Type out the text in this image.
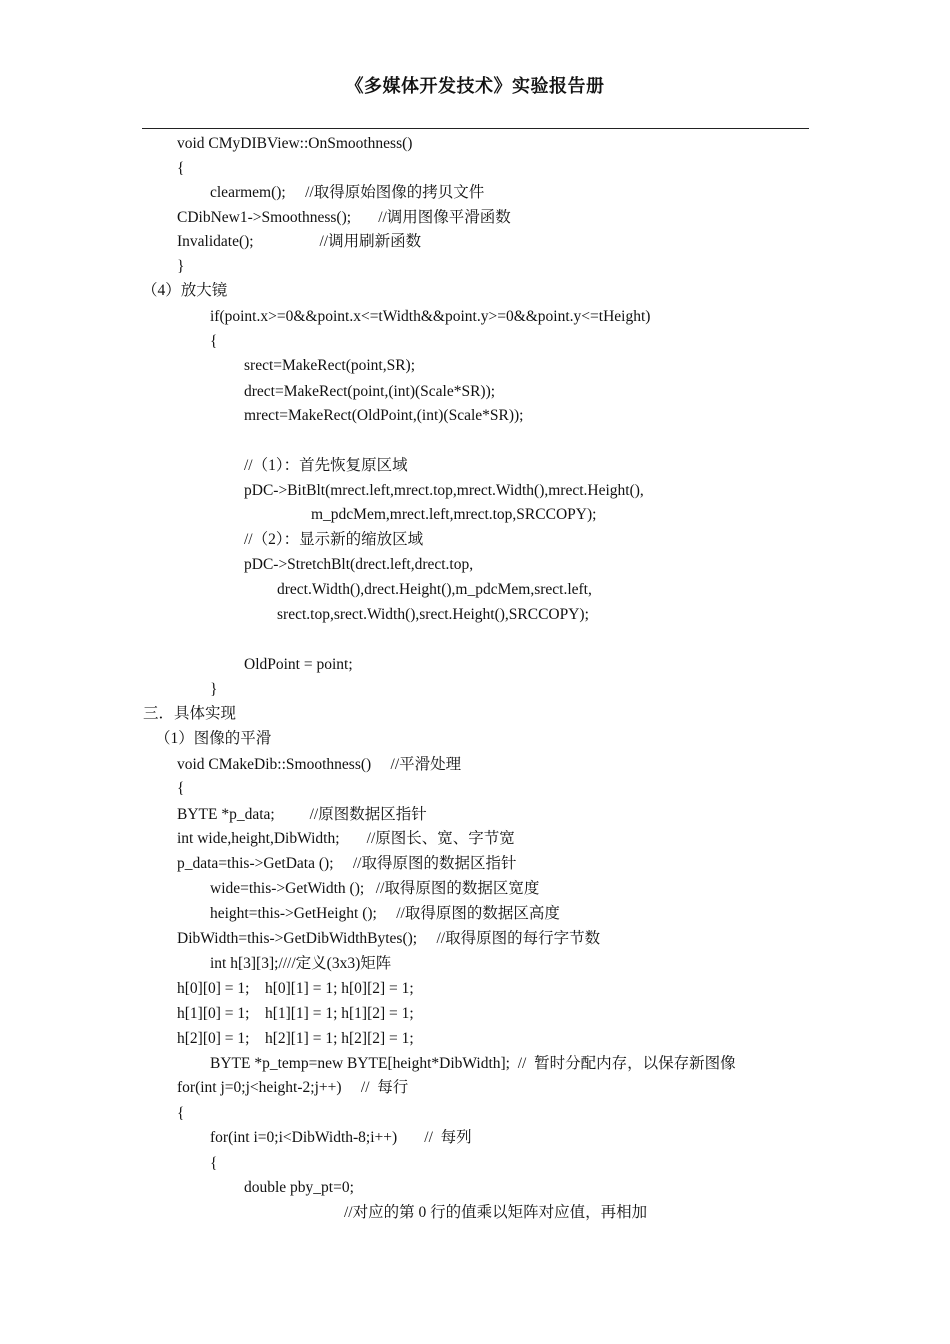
《多媒体开发技术》实验报告册
void CMyDIBView::OnSmoothness()
{
clearmem();     //取得原始图像的拷贝文件
CDibNew1->Smoothness();       //调用图像平滑函数
Invalidate();                 //调用刷新函数
}
（4）放大镜
if(point.x>=0&&point.x<=tWidth&&point.y>=0&&point.y<=tHeight)
{
srect=MakeRect(point,SR);
drect=MakeRect(point,(int)(Scale*SR));
mrect=MakeRect(OldPoint,(int)(Scale*SR));
//（1）：首先恢复原区域
pDC->BitBlt(mrect.left,mrect.top,mrect.Width(),mrect.Height(),
m_pdcMem,mrect.left,mrect.top,SRCCOPY);
//（2）：显示新的缩放区域
pDC->StretchBlt(drect.left,drect.top,
drect.Width(),drect.Height(),m_pdcMem,srect.left,
srect.top,srect.Width(),srect.Height(),SRCCOPY);
OldPoint = point;
}
三．具体实现
（1）图像的平滑
void CMakeDib::Smoothness()     //平滑处理
{
BYTE *p_data;         //原图数据区指针
int wide,height,DibWidth;       //原图长、宽、字节宽
p_data=this->GetData ();     //取得原图的数据区指针
wide=this->GetWidth ();   //取得原图的数据区宽度
height=this->GetHeight ();     //取得原图的数据区高度
DibWidth=this->GetDibWidthBytes();     //取得原图的每行字节数
int h[3][3];////定义(3x3)矩阵
h[0][0] = 1;    h[0][1] = 1; h[0][2] = 1;
h[1][0] = 1;    h[1][1] = 1; h[1][2] = 1;
h[2][0] = 1;    h[2][1] = 1; h[2][2] = 1;
BYTE *p_temp=new BYTE[height*DibWidth];  //  暂时分配内存，以保存新图像
for(int j=0;j<height-2;j++)     //  每行
{
for(int i=0;i<DibWidth-8;i++)       //  每列
{
double pby_pt=0;
//对应的第 0 行的值乘以矩阵对应值，再相加
